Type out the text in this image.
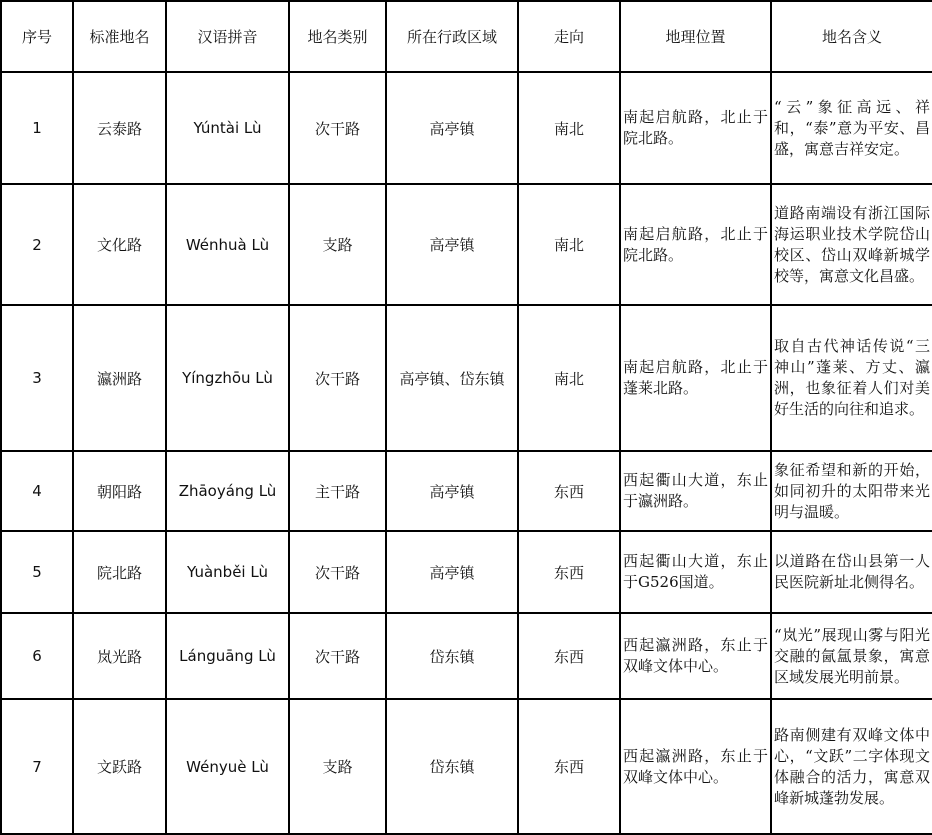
序号	标准地名	汉语拼音	地名类别	所在行政区域	走向	地理位置	地名含义
1	云泰路	Yúntài Lù	次干路	高亭镇	南北	南起启航路，北止于院北路。	“云”象征高远、祥和，“泰”意为平安、昌盛，寓意吉祥安定。
2	文化路	Wénhuà Lù	支路	高亭镇	南北	南起启航路，北止于院北路。	道路南端设有浙江国际海运职业技术学院岱山校区、岱山双峰新城学校等，寓意文化昌盛。
3	瀛洲路	Yíngzhōu Lù	次干路	高亭镇、岱东镇	南北	南起启航路，北止于蓬莱北路。	取自古代神话传说“三神山”蓬莱、方丈、瀛洲，也象征着人们对美好生活的向往和追求。
4	朝阳路	Zhāoyáng Lù	主干路	高亭镇	东西	西起衢山大道，东止于瀛洲路。	象征希望和新的开始，如同初升的太阳带来光明与温暖。
5	院北路	Yuànběi Lù	次干路	高亭镇	东西	西起衢山大道，东止于G526国道。	以道路在岱山县第一人民医院新址北侧得名。
6	岚光路	Lánguāng Lù	次干路	岱东镇	东西	西起瀛洲路，东止于双峰文体中心。	“岚光”展现山雾与阳光交融的氤氲景象，寓意 区域发展光明前景。
7	文跃路	Wényuè Lù	支路	岱东镇	东西	西起瀛洲路，东止于双峰文体中心。	路南侧建有双峰文体中心，“文跃”二字体现文体融合的活力，寓意双峰新城蓬勃发展。
